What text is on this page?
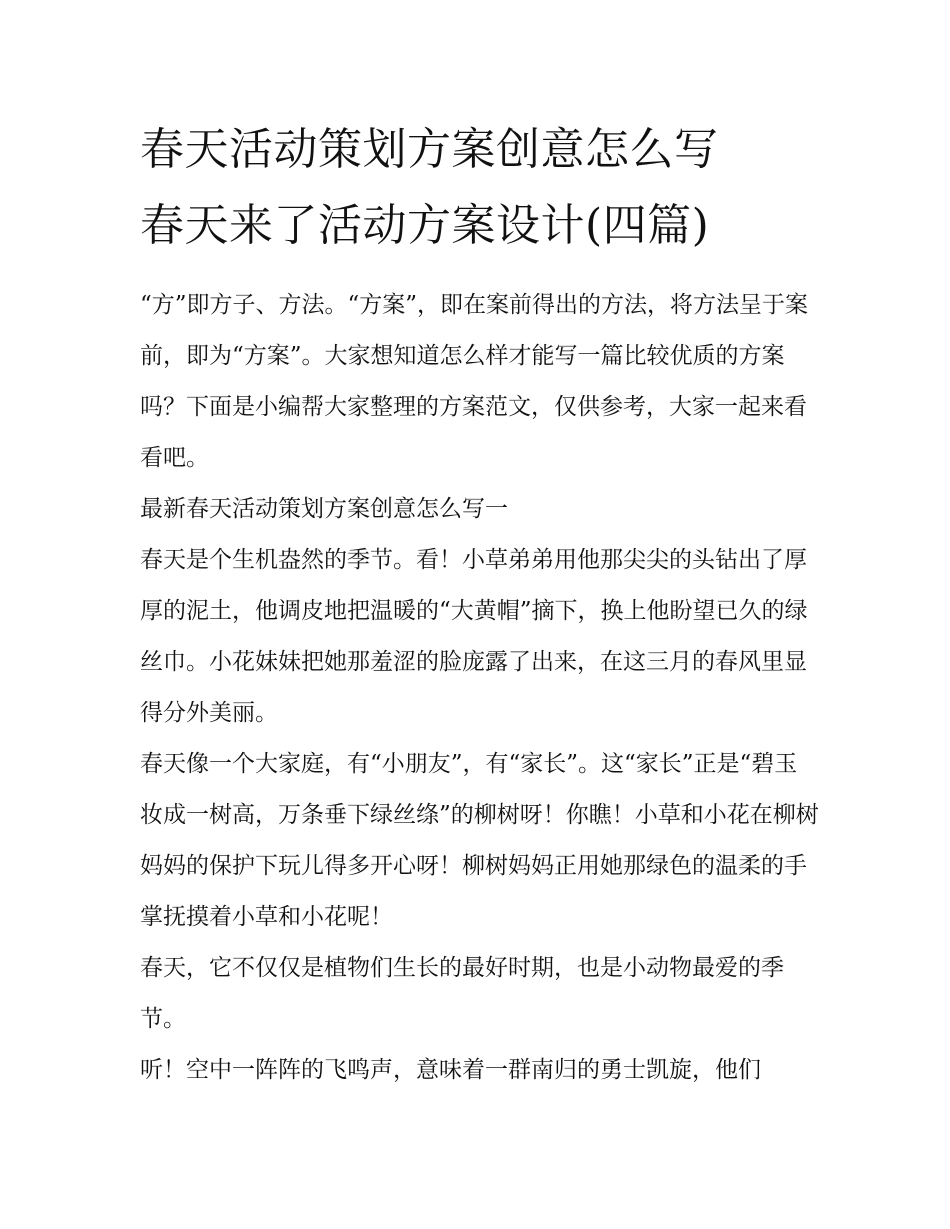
春天活动策划方案创意怎么写
春天来了活动方案设计(四篇)

“方”即方子、方法。“方案”，即在案前得出的方法，将方法呈于案前，即为“方案”。大家想知道怎么样才能写一篇比较优质的方案吗？下面是小编帮大家整理的方案范文，仅供参考，大家一起来看看吧。

最新春天活动策划方案创意怎么写一

春天是个生机盎然的季节。看！小草弟弟用他那尖尖的头钻出了厚厚的泥土，他调皮地把温暖的“大黄帽”摘下，换上他盼望已久的绿丝巾。小花妹妹把她那羞涩的脸庞露了出来，在这三月的春风里显得分外美丽。

春天像一个大家庭，有“小朋友”，有“家长”。这“家长”正是“碧玉妆成一树高，万条垂下绿丝绦”的柳树呀！你瞧！小草和小花在柳树妈妈的保护下玩儿得多开心呀！柳树妈妈正用她那绿色的温柔的手掌抚摸着小草和小花呢！

春天，它不仅仅是植物们生长的最好时期，也是小动物最爱的季节。

听！空中一阵阵的飞鸣声，意味着一群南归的勇士凯旋，他们
